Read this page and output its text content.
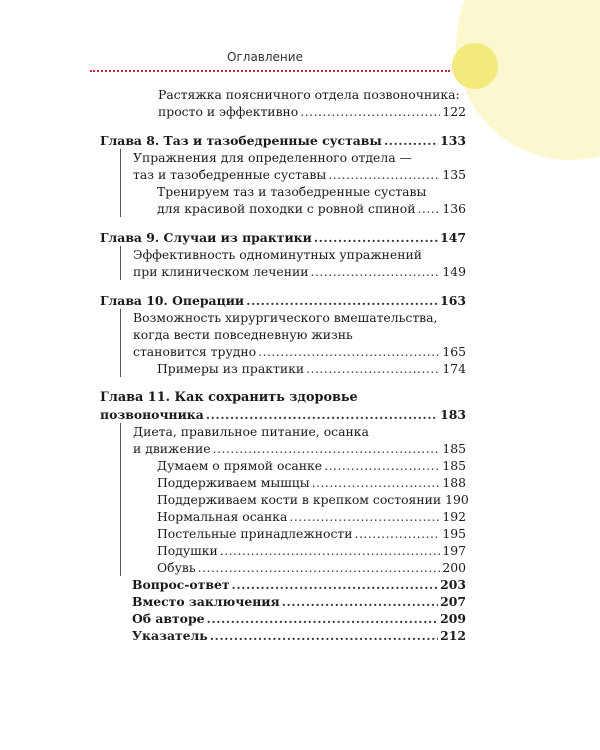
Оглавление
Растяжка поясничного отдела позвоночника:
просто и эффективно .....	122
Глава 8. Таз и тазобедренные суставы .....	133
Упражнения для определенного отдела —
таз и тазобедренные суставы .....	135
Тренируем таз и тазобедренные суставы
для красивой походки с ровной спиной ..... 136
Глава 9. Случаи из практики .....	147
Эффективность одноминутных упражнений
при клиническом лечении .....	149
Глава 10. Операции .....	163
Возможность хирургического вмешательства,
когда вести повседневную жизнь
становится трудно .....	165
Примеры из практики .....	174
Глава 11. Как сохранить здоровье
позвоночника .....	183
Диета, правильное питание, осанка
и движение .....	185
Думаем о прямой осанке .....	185
Поддерживаем мышцы .....	188
Поддерживаем кости в крепком состоянии 190
Нормальная осанка .....	192
Постельные принадлежности .....	195
Подушки .....	197
Обувь .....	200
Вопрос-ответ .....	203
Вместо заключения .....	207
Об авторе .....	209
Указатель .....	212
